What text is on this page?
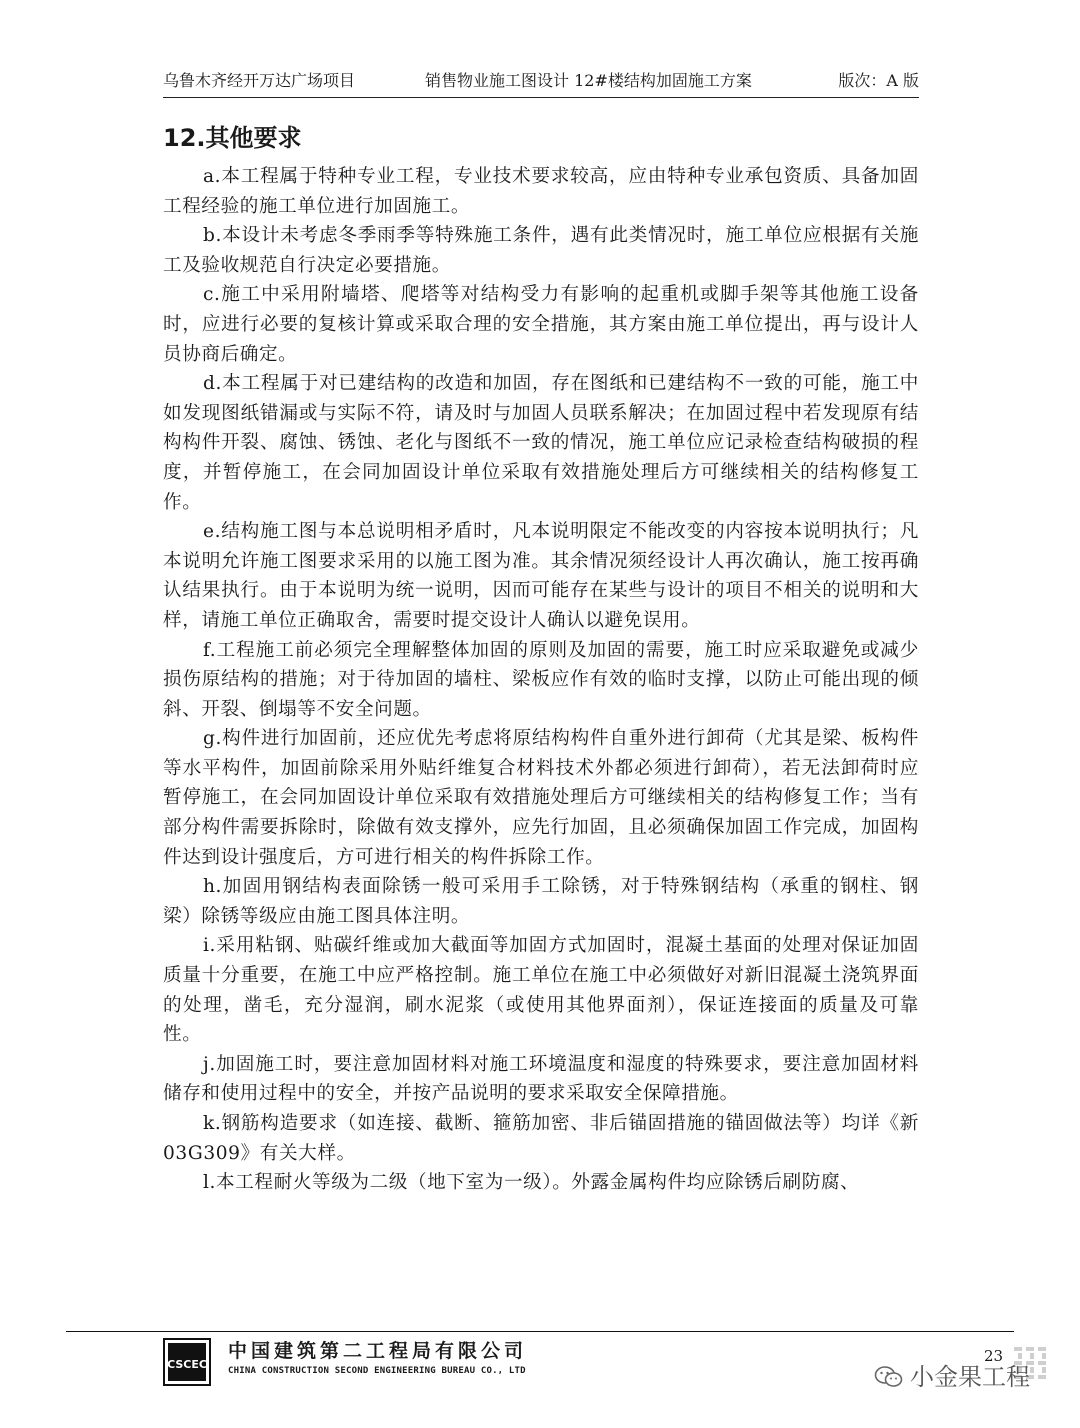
乌鲁木齐经开万达广场项目	销售物业施工图设计 12#楼结构加固施工方案	版次：A 版
12.其他要求

a.本工程属于特种专业工程，专业技术要求较高，应由特种专业承包资质、具备加固工程经验的施工单位进行加固施工。

b.本设计未考虑冬季雨季等特殊施工条件，遇有此类情况时，施工单位应根据有关施工及验收规范自行决定必要措施。

c.施工中采用附墙塔、爬塔等对结构受力有影响的起重机或脚手架等其他施工设备时，应进行必要的复核计算或采取合理的安全措施，其方案由施工单位提出，再与设计人员协商后确定。

d.本工程属于对已建结构的改造和加固，存在图纸和已建结构不一致的可能，施工中如发现图纸错漏或与实际不符，请及时与加固人员联系解决；在加固过程中若发现原有结构构件开裂、腐蚀、锈蚀、老化与图纸不一致的情况，施工单位应记录检查结构破损的程度，并暂停施工，在会同加固设计单位采取有效措施处理后方可继续相关的结构修复工作。

e.结构施工图与本总说明相矛盾时，凡本说明限定不能改变的内容按本说明执行；凡本说明允许施工图要求采用的以施工图为准。其余情况须经设计人再次确认，施工按再确认结果执行。由于本说明为统一说明，因而可能存在某些与设计的项目不相关的说明和大样，请施工单位正确取舍，需要时提交设计人确认以避免误用。

f.工程施工前必须完全理解整体加固的原则及加固的需要，施工时应采取避免或减少损伤原结构的措施；对于待加固的墙柱、梁板应作有效的临时支撑，以防止可能出现的倾斜、开裂、倒塌等不安全问题。

g.构件进行加固前，还应优先考虑将原结构构件自重外进行卸荷（尤其是梁、板构件等水平构件，加固前除采用外贴纤维复合材料技术外都必须进行卸荷），若无法卸荷时应暂停施工，在会同加固设计单位采取有效措施处理后方可继续相关的结构修复工作；当有部分构件需要拆除时，除做有效支撑外，应先行加固，且必须确保加固工作完成，加固构件达到设计强度后，方可进行相关的构件拆除工作。

h.加固用钢结构表面除锈一般可采用手工除锈，对于特殊钢结构（承重的钢柱、钢梁）除锈等级应由施工图具体注明。

i.采用粘钢、贴碳纤维或加大截面等加固方式加固时，混凝土基面的处理对保证加固质量十分重要，在施工中应严格控制。施工单位在施工中必须做好对新旧混凝土浇筑界面的处理，凿毛，充分湿润，刷水泥浆（或使用其他界面剂），保证连接面的质量及可靠性。

j.加固施工时，要注意加固材料对施工环境温度和湿度的特殊要求，要注意加固材料储存和使用过程中的安全，并按产品说明的要求采取安全保障措施。

k.钢筋构造要求（如连接、截断、箍筋加密、非后锚固措施的锚固做法等）均详《新 03G309》有关大样。

l.本工程耐火等级为二级（地下室为一级）。外露金属构件均应除锈后刷防腐、

CSCEC
中国建筑第二工程局有限公司
CHINA CONSTRUCTION SECOND ENGINEERING BUREAU CO., LTD
23
小金果工程
